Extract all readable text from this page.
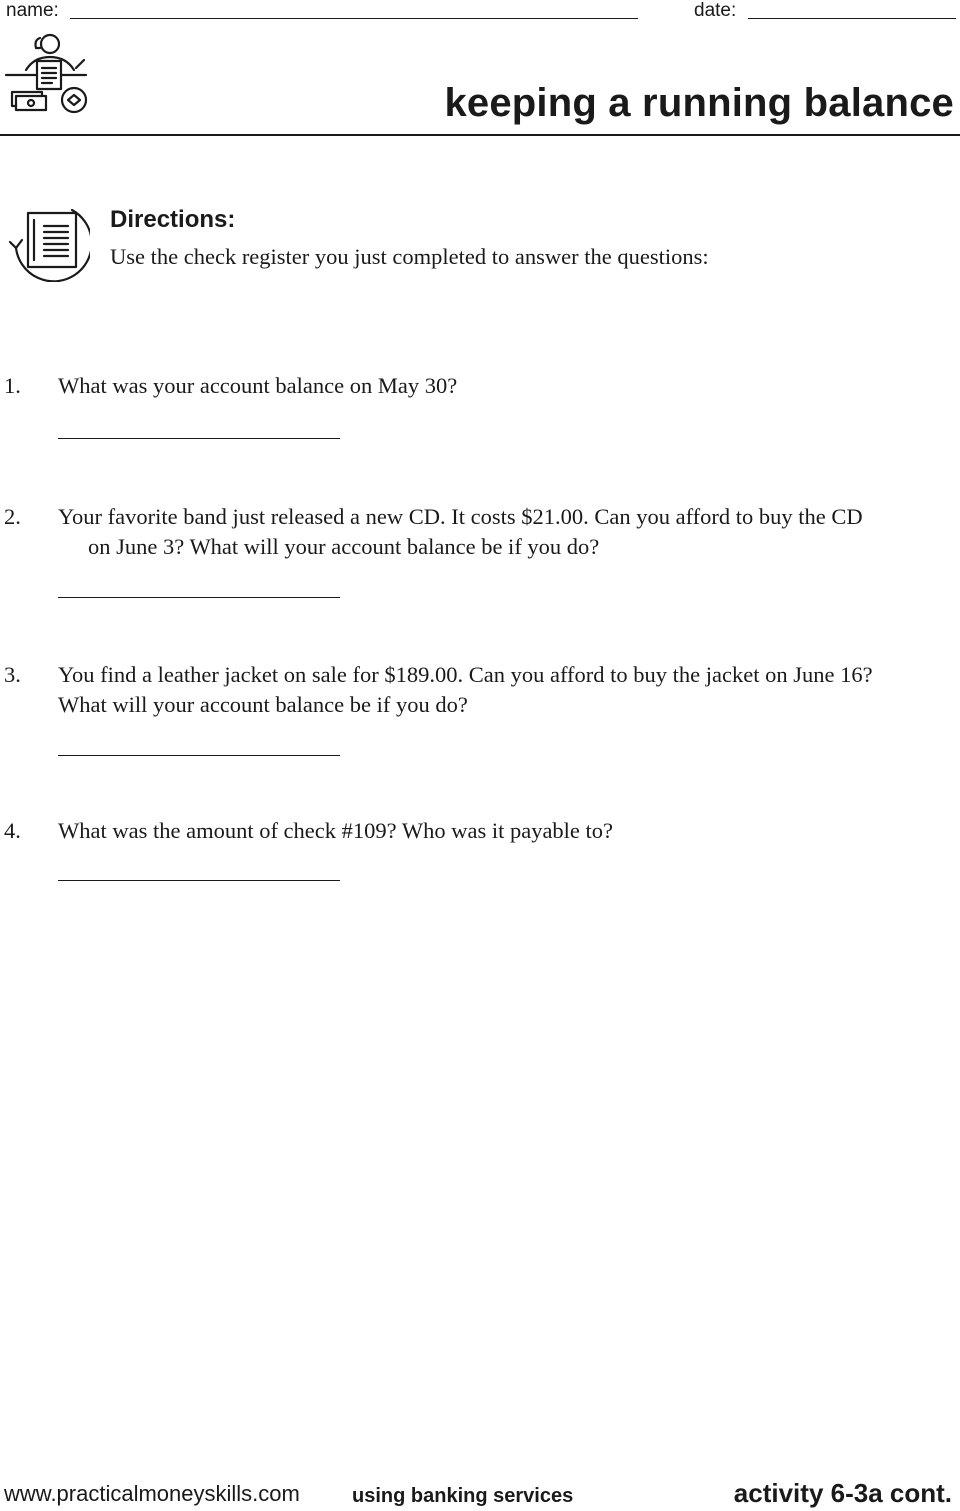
name:	date:
keeping a running balance
Directions:
Use the check register you just completed to answer the questions:
1. What was your account balance on May 30?
2. Your favorite band just released a new CD. It costs $21.00. Can you afford to buy the CD
on June 3? What will your account balance be if you do?
3. You find a leather jacket on sale for $189.00. Can you afford to buy the jacket on June 16?
What will your account balance be if you do?
4. What was the amount of check #109? Who was it payable to?
www.practicalmoneyskills.com	using banking services	activity 6-3a cont.
